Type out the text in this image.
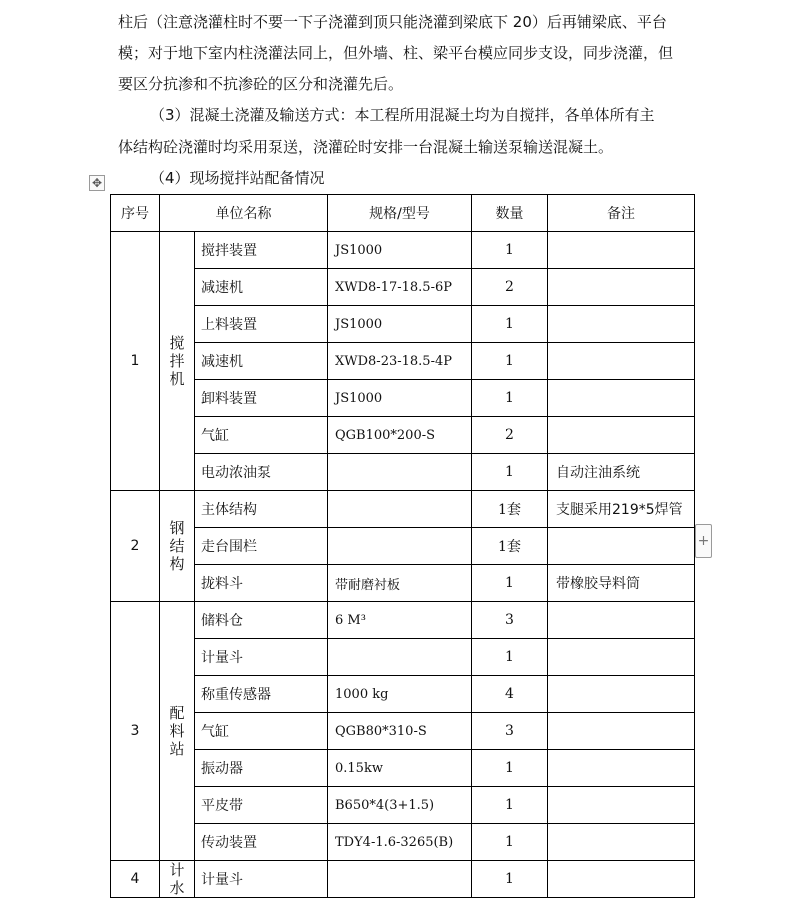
柱后（注意浇灌柱时不要一下子浇灌到顶只能浇灌到梁底下 20）后再铺梁底、平台
模；对于地下室内柱浇灌法同上，但外墙、柱、梁平台模应同步支设，同步浇灌，但
要区分抗渗和不抗渗砼的区分和浇灌先后。
（3）混凝土浇灌及输送方式：本工程所用混凝土均为自搅拌，各单体所有主
体结构砼浇灌时均采用泵送，浇灌砼时安排一台混凝土输送泵输送混凝土。
（4）现场搅拌站配备情况
✥
+
序号	单位名称		规格/型号	数量	备注
1	搅拌机	搅拌装置	JS1000	1	
		减速机	XWD8-17-18.5-6P	2	
		上料装置	JS1000	1	
		减速机	XWD8-23-18.5-4P	1	
		卸料装置	JS1000	1	
		气缸	QGB100*200-S	2	
		电动浓油泵		1	自动注油系统
2	钢结构	主体结构		1套	支腿采用219*5焊管
		走台围栏		1套	
		拢料斗	带耐磨衬板	1	带橡胶导料筒
3	配料站	储料仓	6 M³	3	
		计量斗		1	
		称重传感器	1000 kg	4	
		气缸	QGB80*310-S	3	
		振动器	0.15kw	1	
		平皮带	B650*4(3+1.5)	1	
		传动装置	TDY4-1.6-3265(B)	1	
4	计水	计量斗		1	
